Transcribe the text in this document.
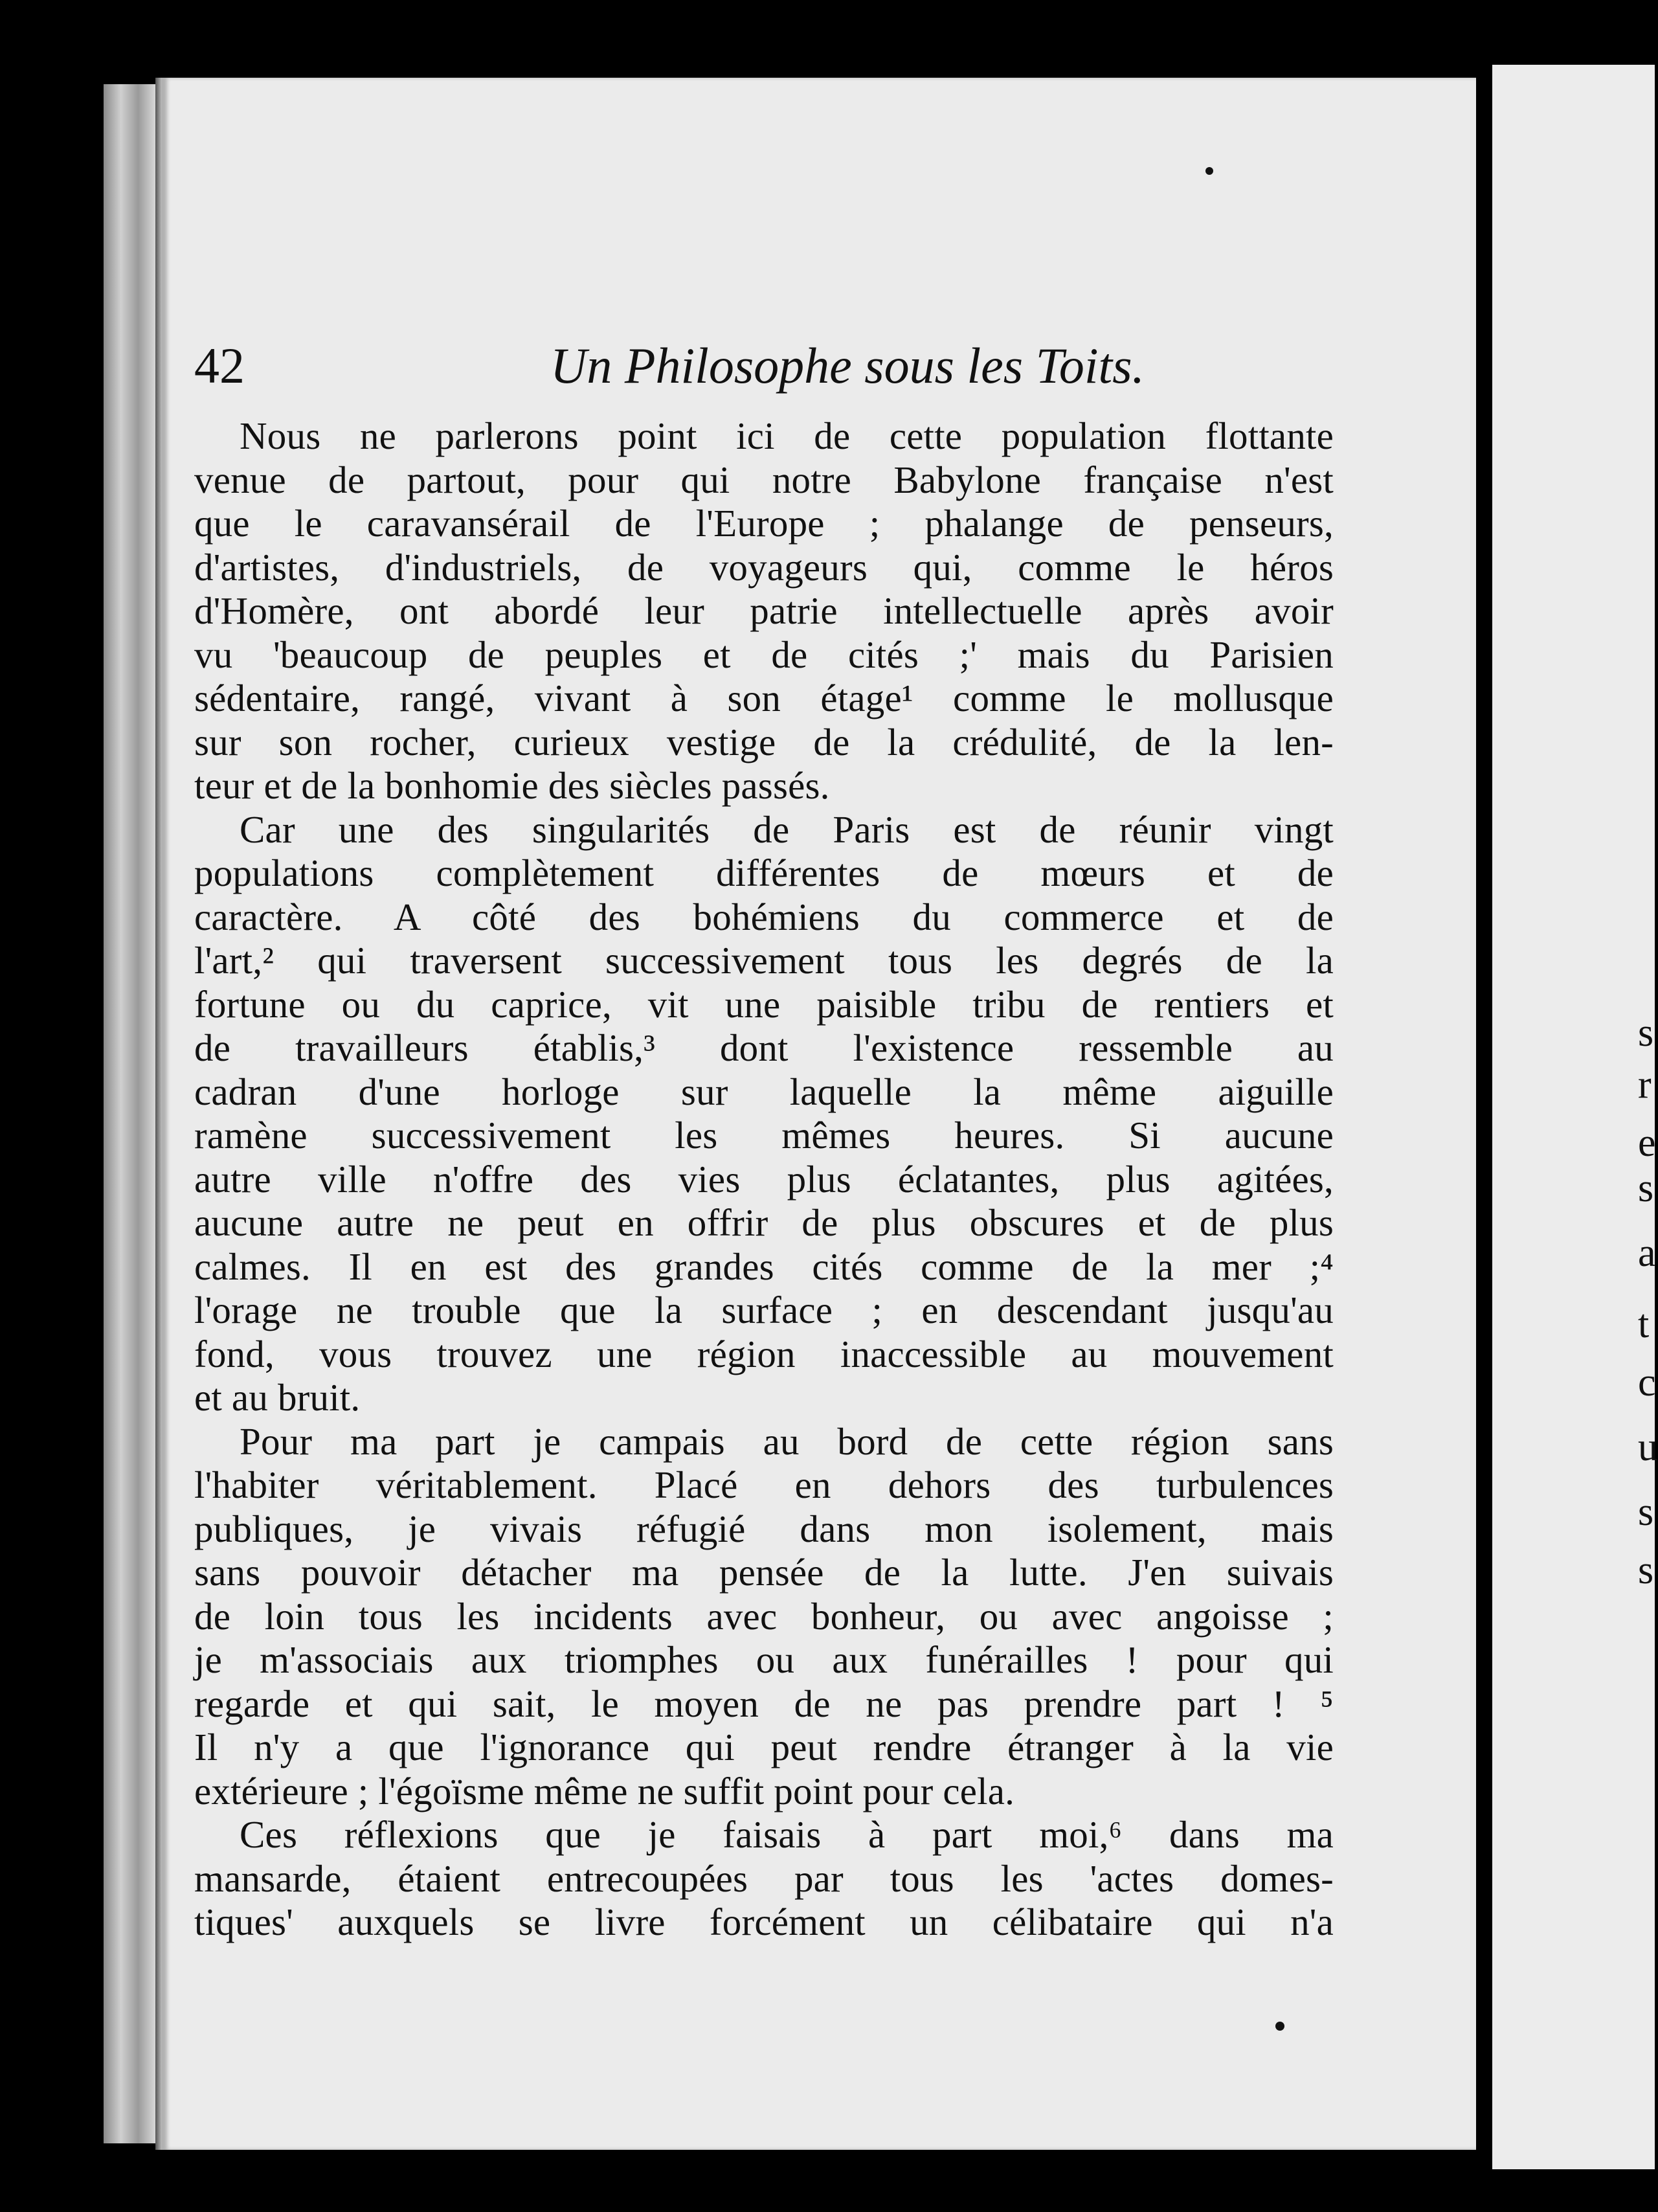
s
r
e
s
a
t
c
u
s
s
42	Un Philosophe sous les Toits.
Nous ne parlerons point ici de cette population flottante
venue de partout, pour qui notre Babylone française n'est
que le caravansérail de l'Europe ; phalange de penseurs,
d'artistes, d'industriels, de voyageurs qui, comme le héros
d'Homère, ont abordé leur patrie intellectuelle après avoir
vu 'beaucoup de peuples et de cités ;' mais du Parisien
sédentaire, rangé, vivant à son étage¹ comme le mollusque
sur son rocher, curieux vestige de la crédulité, de la len-
teur et de la bonhomie des siècles passés.
Car une des singularités de Paris est de réunir vingt
populations complètement différentes de mœurs et de
caractère. A côté des bohémiens du commerce et de
l'art,² qui traversent successivement tous les degrés de la
fortune ou du caprice, vit une paisible tribu de rentiers et
de travailleurs établis,³ dont l'existence ressemble au
cadran d'une horloge sur laquelle la même aiguille
ramène successivement les mêmes heures. Si aucune
autre ville n'offre des vies plus éclatantes, plus agitées,
aucune autre ne peut en offrir de plus obscures et de plus
calmes. Il en est des grandes cités comme de la mer ;⁴
l'orage ne trouble que la surface ; en descendant jusqu'au
fond, vous trouvez une région inaccessible au mouvement
et au bruit.
Pour ma part je campais au bord de cette région sans
l'habiter véritablement. Placé en dehors des turbulences
publiques, je vivais réfugié dans mon isolement, mais
sans pouvoir détacher ma pensée de la lutte. J'en suivais
de loin tous les incidents avec bonheur, ou avec angoisse ;
je m'associais aux triomphes ou aux funérailles ! pour qui
regarde et qui sait, le moyen de ne pas prendre part ! ⁵
Il n'y a que l'ignorance qui peut rendre étranger à la vie
extérieure ; l'égoïsme même ne suffit point pour cela.
Ces réflexions que je faisais à part moi,⁶ dans ma
mansarde, étaient entrecoupées par tous les 'actes domes-
tiques' auxquels se livre forcément un célibataire qui n'a
